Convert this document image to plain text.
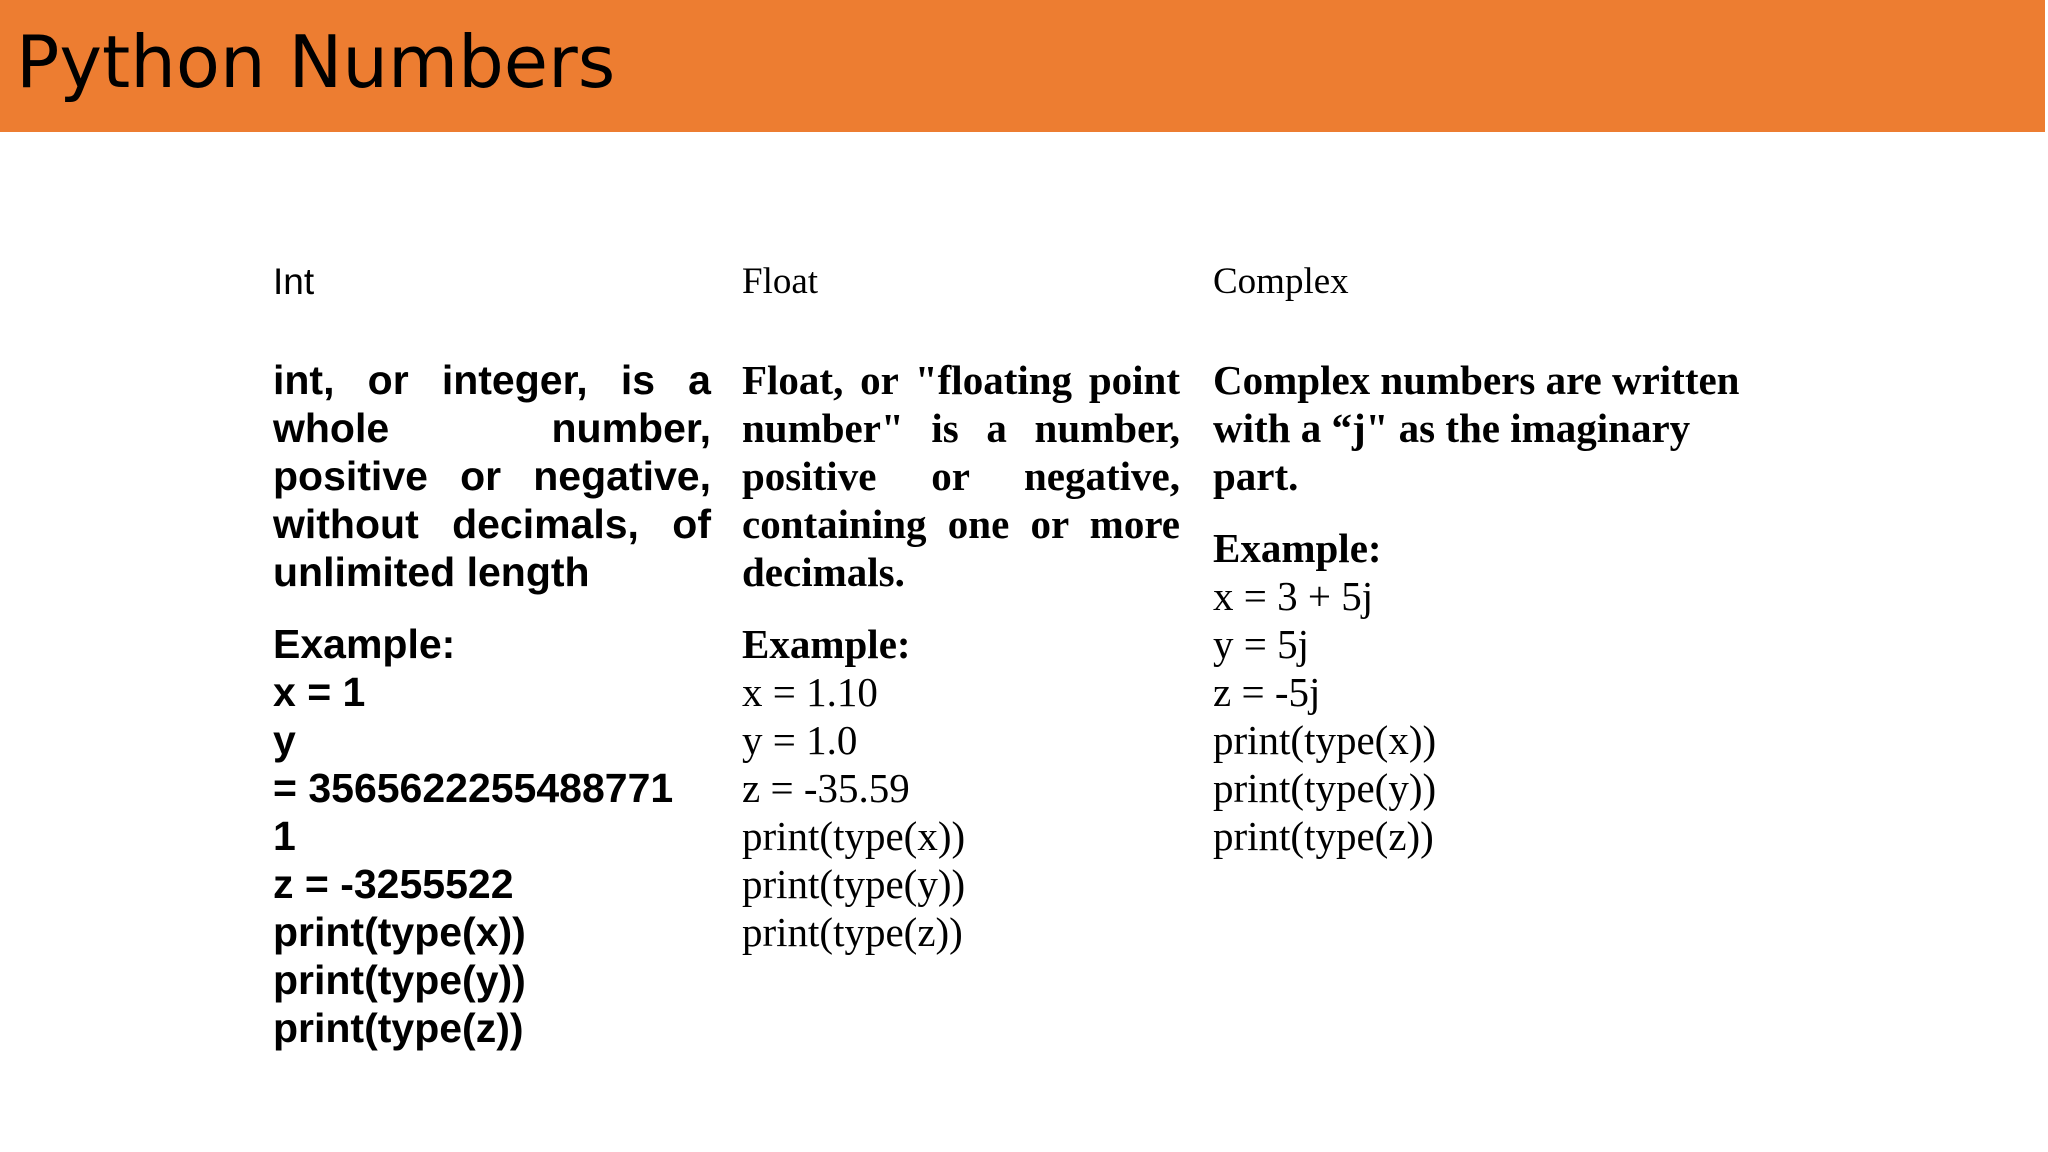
Python Numbers
Int
int, or integer, is a whole number, positive or negative, without decimals, of unlimited length
Example:
x = 1
y
= 3565622255488771
1
z = -3255522
print(type(x))
print(type(y))
print(type(z))
Float
Float, or "floating point number" is a number, positive or negative, containing one or more decimals.
Example:
x = 1.10
y = 1.0
z = -35.59
print(type(x))
print(type(y))
print(type(z))
Complex
Complex numbers are written with a “j" as the imaginary part.
Example:
x = 3 + 5j
y = 5j
z = -5j
print(type(x))
print(type(y))
print(type(z))
